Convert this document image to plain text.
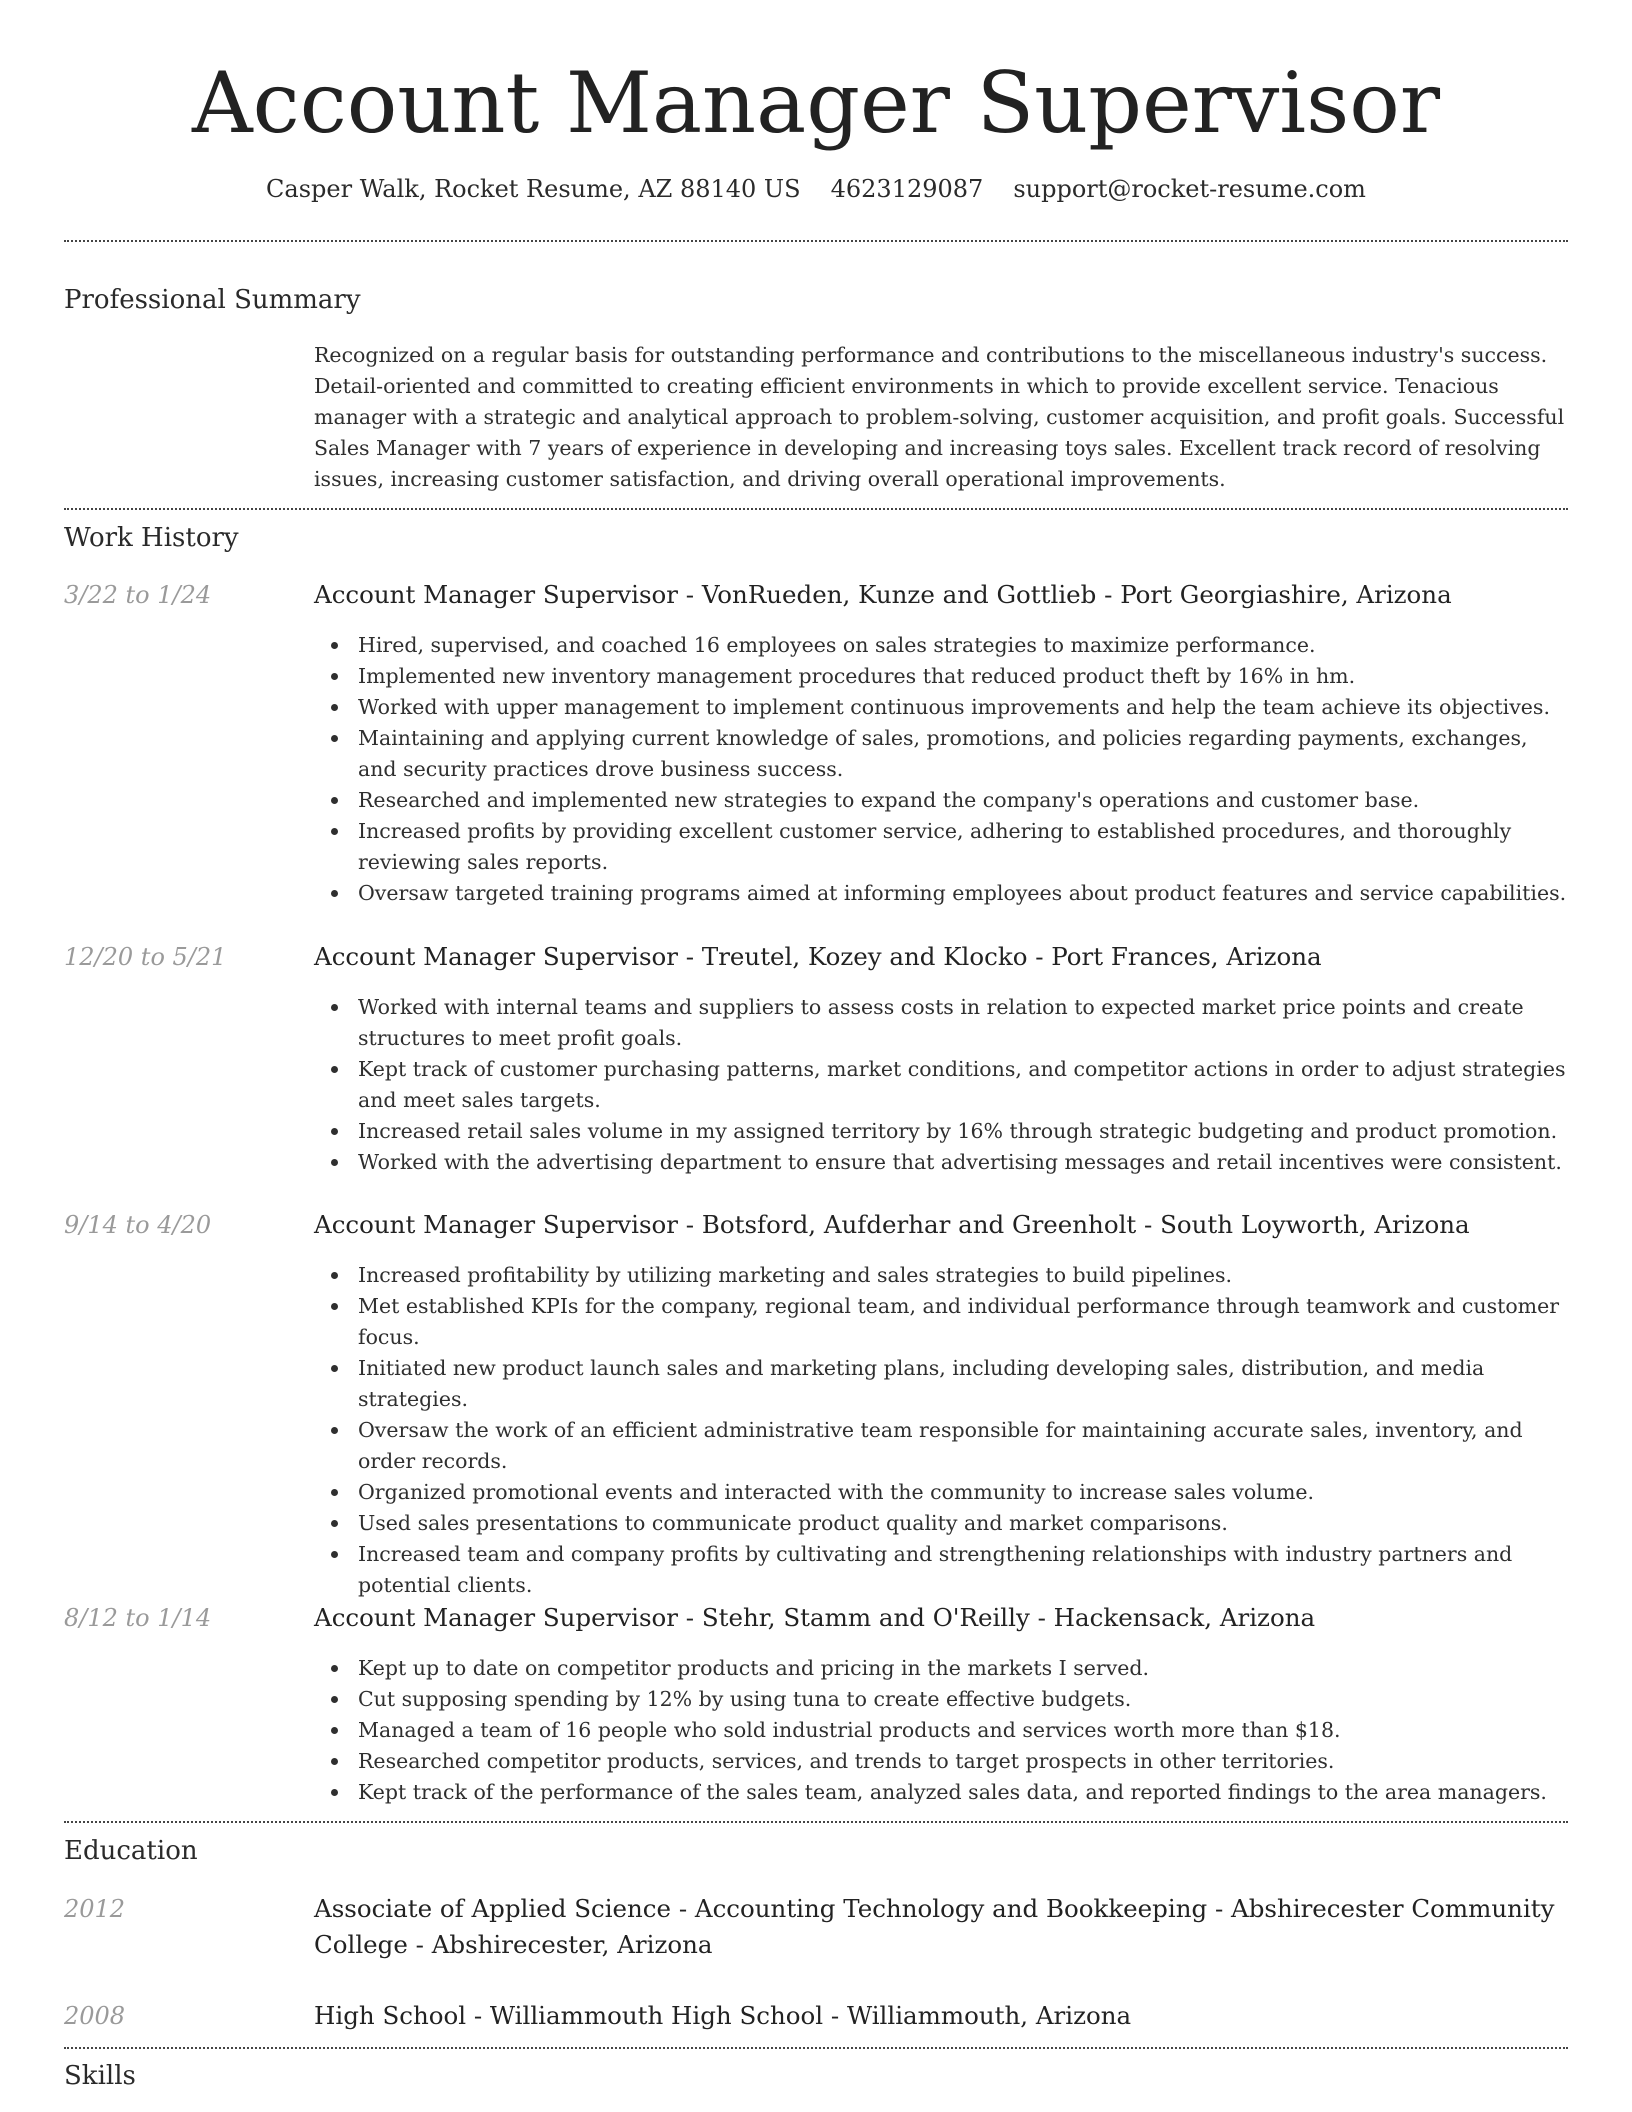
Account Manager Supervisor
Casper Walk, Rocket Resume, AZ 88140 US 4623129087 support@rocket-resume.com
Professional Summary

Recognized on a regular basis for outstanding performance and contributions to the miscellaneous industry's success. Detail-oriented and committed to creating efficient environments in which to provide excellent service. Tenacious manager with a strategic and analytical approach to problem-solving, customer acquisition, and profit goals. Successful Sales Manager with 7 years of experience in developing and increasing toys sales. Excellent track record of resolving issues, increasing customer satisfaction, and driving overall operational improvements.

Work History
3/22 to 1/24	Account Manager Supervisor - VonRueden, Kunze and Gottlieb - Port Georgiashire, Arizona
Hired, supervised, and coached 16 employees on sales strategies to maximize performance.
Implemented new inventory management procedures that reduced product theft by 16% in hm.
Worked with upper management to implement continuous improvements and help the team achieve its objectives.
Maintaining and applying current knowledge of sales, promotions, and policies regarding payments, exchanges, and security practices drove business success.
Researched and implemented new strategies to expand the company's operations and customer base.
Increased profits by providing excellent customer service, adhering to established procedures, and thoroughly reviewing sales reports.
Oversaw targeted training programs aimed at informing employees about product features and service capabilities.
12/20 to 5/21	Account Manager Supervisor - Treutel, Kozey and Klocko - Port Frances, Arizona
Worked with internal teams and suppliers to assess costs in relation to expected market price points and create structures to meet profit goals.
Kept track of customer purchasing patterns, market conditions, and competitor actions in order to adjust strategies and meet sales targets.
Increased retail sales volume in my assigned territory by 16% through strategic budgeting and product promotion.
Worked with the advertising department to ensure that advertising messages and retail incentives were consistent.
9/14 to 4/20	Account Manager Supervisor - Botsford, Aufderhar and Greenholt - South Loyworth, Arizona
Increased profitability by utilizing marketing and sales strategies to build pipelines.
Met established KPIs for the company, regional team, and individual performance through teamwork and customer focus.
Initiated new product launch sales and marketing plans, including developing sales, distribution, and media strategies.
Oversaw the work of an efficient administrative team responsible for maintaining accurate sales, inventory, and order records.
Organized promotional events and interacted with the community to increase sales volume.
Used sales presentations to communicate product quality and market comparisons.
Increased team and company profits by cultivating and strengthening relationships with industry partners and potential clients.
8/12 to 1/14	Account Manager Supervisor - Stehr, Stamm and O'Reilly - Hackensack, Arizona
Kept up to date on competitor products and pricing in the markets I served.
Cut supposing spending by 12% by using tuna to create effective budgets.
Managed a team of 16 people who sold industrial products and services worth more than $18.
Researched competitor products, services, and trends to target prospects in other territories.
Kept track of the performance of the sales team, analyzed sales data, and reported findings to the area managers.
Education
2012	Associate of Applied Science - Accounting Technology and Bookkeeping - Abshirecester Community College - Abshirecester, Arizona
2008	High School - Williammouth High School - Williammouth, Arizona
Skills
